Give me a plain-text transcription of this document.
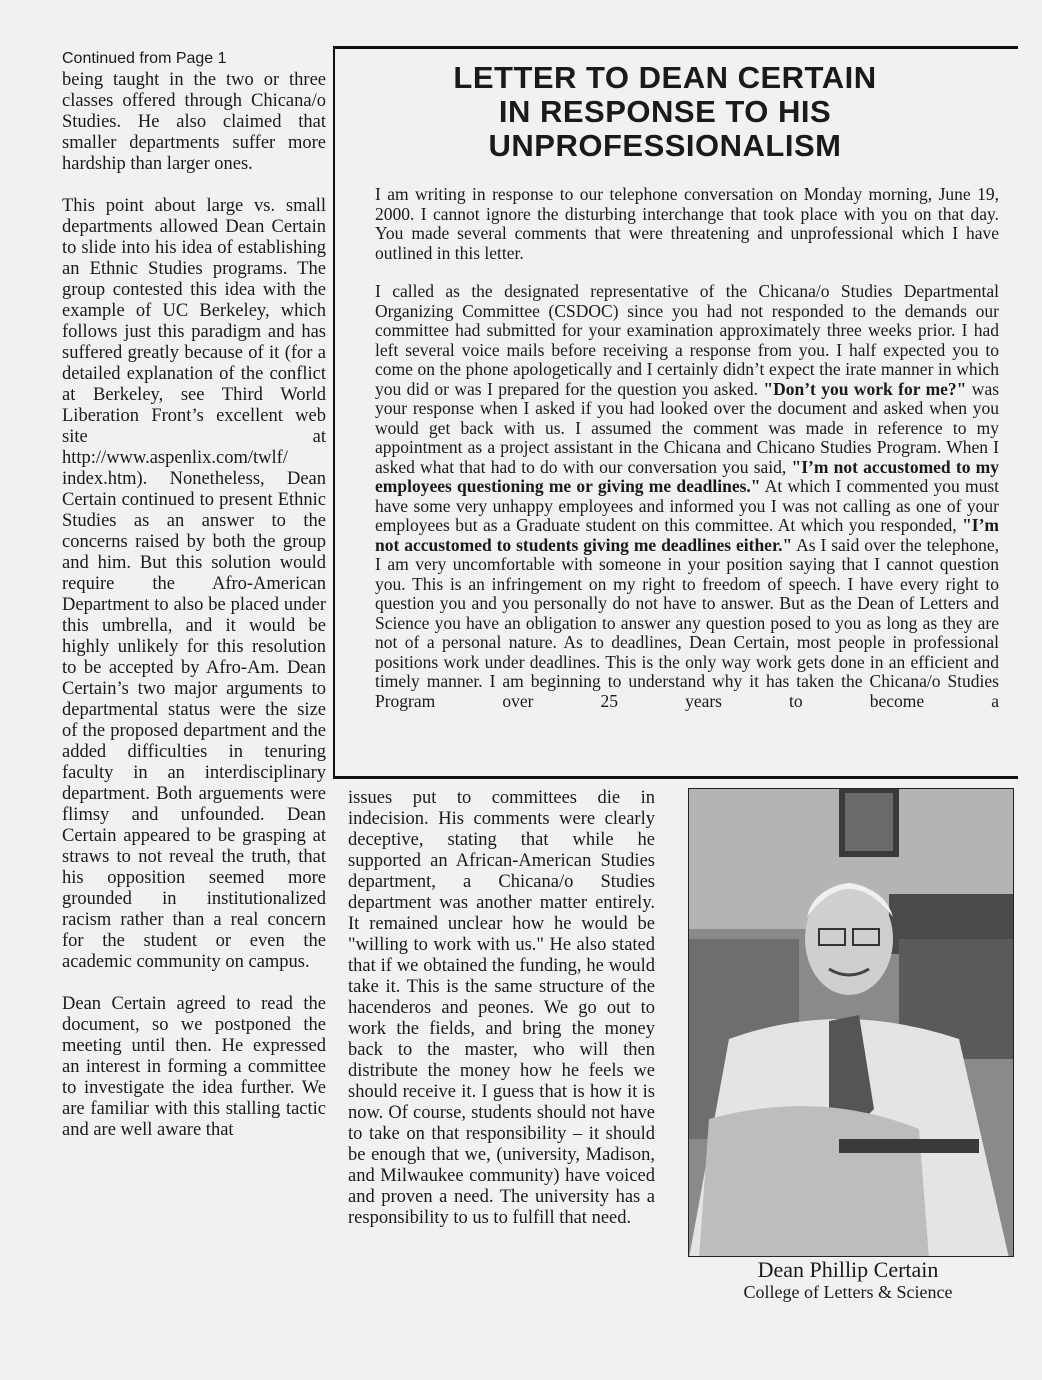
Continued from Page 1

being taught in the two or three classes offered through Chicana/o Studies. He also claimed that smaller departments suffer more hardship than larger ones.

This point about large vs. small departments allowed Dean Certain to slide into his idea of establishing an Ethnic Studies programs. The group contested this idea with the example of UC Berkeley, which follows just this paradigm and has suffered greatly because of it (for a detailed explanation of the conflict at Berkeley, see Third World Liberation Front’s excellent web site at http://www.aspenlix.com/twlf/ index.htm). Nonetheless, Dean Certain continued to present Ethnic Studies as an answer to the concerns raised by both the group and him. But this solution would require the Afro-American Department to also be placed under this umbrella, and it would be highly unlikely for this resolution to be accepted by Afro-Am. Dean Certain’s two major arguments to departmental status were the size of the proposed department and the added difficulties in tenuring faculty in an interdisciplinary department. Both arguements were flimsy and unfounded. Dean Certain appeared to be grasping at straws to not reveal the truth, that his opposition seemed more grounded in institutionalized racism rather than a real concern for the student or even the academic community on campus.

Dean Certain agreed to read the document, so we postponed the meeting until then. He expressed an interest in forming a committee to investigate the idea further. We are familiar with this stalling tactic and are well aware that

LETTER TO DEAN CERTAIN
IN RESPONSE TO HIS
UNPROFESSIONALISM

I am writing in response to our telephone conversation on Monday morning, June 19, 2000. I cannot ignore the disturbing interchange that took place with you on that day. You made several comments that were threatening and unprofessional which I have outlined in this letter.

I called as the designated representative of the Chicana/o Studies Departmental Organizing Committee (CSDOC) since you had not responded to the demands our committee had submitted for your examination approximately three weeks prior. I had left several voice mails before receiving a response from you. I half expected you to come on the phone apologetically and I certainly didn’t expect the irate manner in which you did or was I prepared for the question you asked. "Don’t you work for me?" was your response when I asked if you had looked over the document and asked when you would get back with us. I assumed the comment was made in reference to my appointment as a project assistant in the Chicana and Chicano Studies Program. When I asked what that had to do with our conversation you said, "I’m not accustomed to my employees questioning me or giving me deadlines." At which I commented you must have some very unhappy employees and informed you I was not calling as one of your employees but as a Graduate student on this committee. At which you responded, "I’m not accustomed to students giving me deadlines either." As I said over the telephone, I am very uncomfortable with someone in your position saying that I cannot question you. This is an infringement on my right to freedom of speech. I have every right to question you and you personally do not have to answer. But as the Dean of Letters and Science you have an obligation to answer any question posed to you as long as they are not of a personal nature. As to deadlines, Dean Certain, most people in professional positions work under deadlines. This is the only way work gets done in an efficient and timely manner. I am beginning to understand why it has taken the Chicana/o Studies Program over 25 years to become a

issues put to committees die in indecision. His comments were clearly deceptive, stating that while he supported an African-American Studies department, a Chicana/o Studies department was another matter entirely. It remained unclear how he would be "willing to work with us." He also stated that if we obtained the funding, he would take it. This is the same structure of the hacenderos and peones. We go out to work the fields, and bring the money back to the master, who will then distribute the money how he feels we should receive it. I guess that is how it is now. Of course, students should not have to take on that responsibility – it should be enough that we, (university, Madison, and Milwaukee community) have voiced and proven a need. The university has a responsibility to us to fulfill that need.

Dean Phillip Certain
College of Letters & Science
